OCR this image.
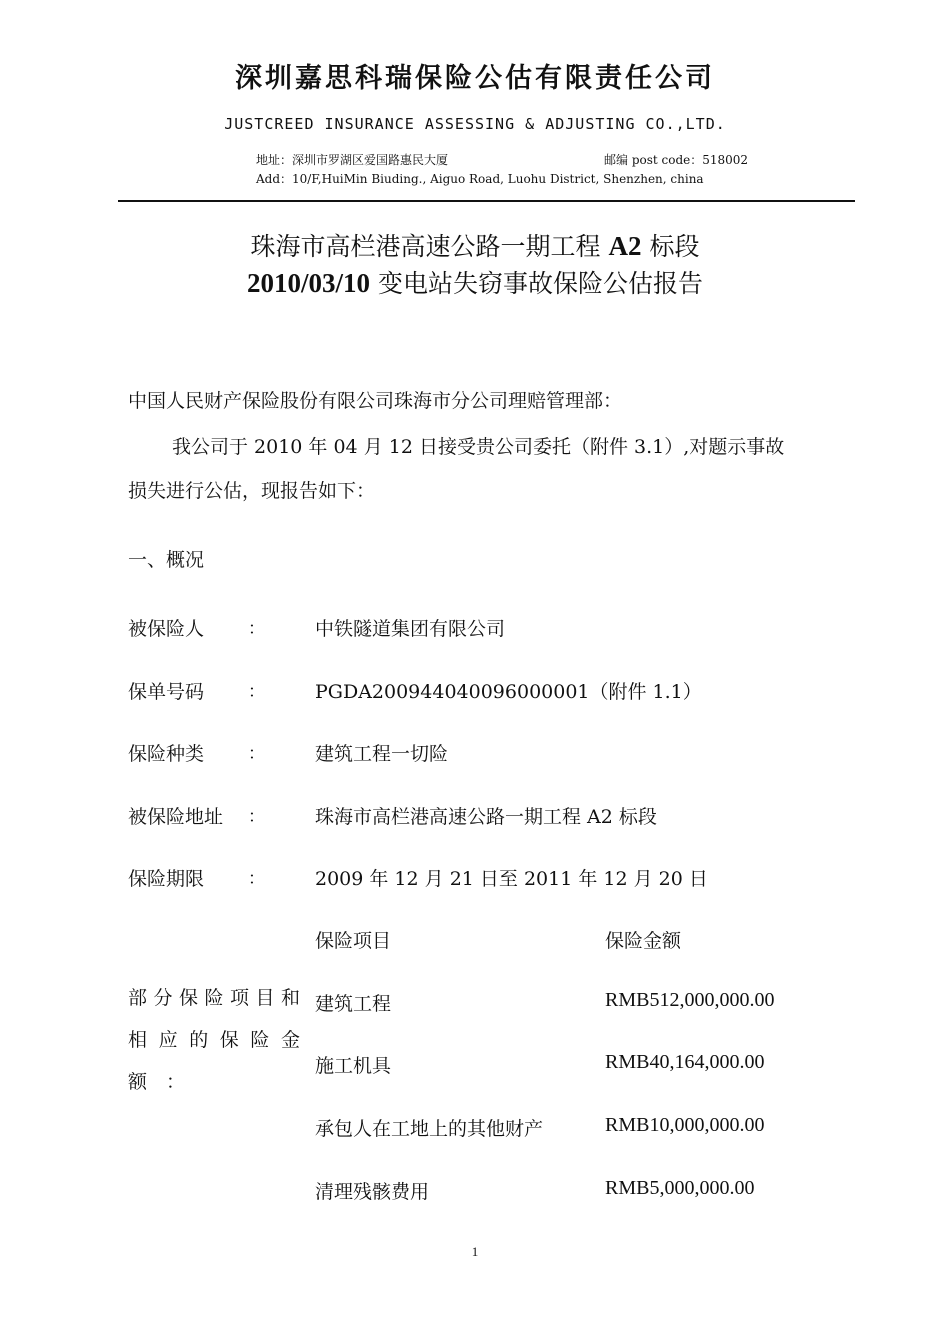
深圳嘉思科瑞保险公估有限责任公司
JUSTCREED INSURANCE ASSESSING & ADJUSTING CO.,LTD.
地址：深圳市罗湖区爱国路惠民大厦	邮编 post code：518002
Add：10/F,HuiMin Biuding., Aiguo Road, Luohu District, Shenzhen, china
珠海市高栏港高速公路一期工程 A2 标段
2010/03/10 变电站失窃事故保险公估报告
中国人民财产保险股份有限公司珠海市分公司理赔管理部：
我公司于 2010 年 04 月 12 日接受贵公司委托（附件 3.1）,对题示事故
损失进行公估，现报告如下：
一、概况
被保险人	：	中铁隧道集团有限公司
保单号码	：	PGDA200944040096000001（附件 1.1）
保险种类	：	建筑工程一切险
被保险地址 ：	珠海市高栏港高速公路一期工程 A2 标段
保险期限	：	2009 年 12 月 21 日至 2011 年 12 月 20 日
保险项目	保险金额
部分保险项目和
相应的保险金
额　：
建筑工程	RMB512,000,000.00
施工机具	RMB40,164,000.00
承包人在工地上的其他财产	RMB10,000,000.00
清理残骸费用	RMB5,000,000.00
1
